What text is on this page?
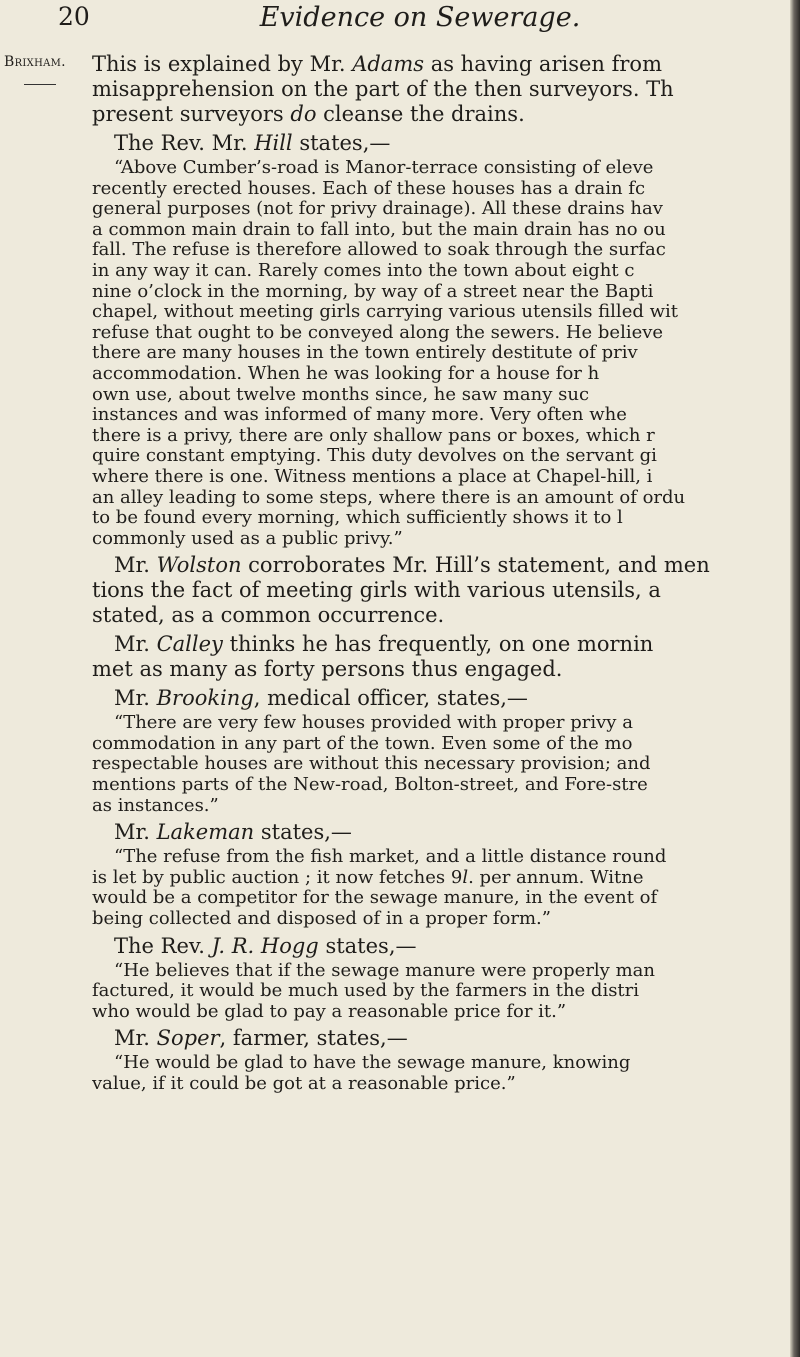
20	Evidence on Sewerage.
Brixham. This is explained by Mr. Adams as having arisen from
misapprehension on the part of the then surveyors. Th
present surveyors do cleanse the drains.
The Rev. Mr. Hill states,—
“Above Cumber’s-road is Manor-terrace consisting of eleve
recently erected houses. Each of these houses has a drain fc
general purposes (not for privy drainage). All these drains hav
a common main drain to fall into, but the main drain has no ou
fall. The refuse is therefore allowed to soak through the surfac
in any way it can. Rarely comes into the town about eight c
nine o’clock in the morning, by way of a street near the Bapti
chapel, without meeting girls carrying various utensils filled wit
refuse that ought to be conveyed along the sewers. He believe
there are many houses in the town entirely destitute of priv
accommodation. When he was looking for a house for h
own use, about twelve months since, he saw many suc
instances and was informed of many more. Very often whe
there is a privy, there are only shallow pans or boxes, which r
quire constant emptying. This duty devolves on the servant gi
where there is one. Witness mentions a place at Chapel-hill, i
an alley leading to some steps, where there is an amount of ordu
to be found every morning, which sufficiently shows it to l
commonly used as a public privy.”
Mr. Wolston corroborates Mr. Hill’s statement, and men
tions the fact of meeting girls with various utensils, a
stated, as a common occurrence.
Mr. Calley thinks he has frequently, on one mornin
met as many as forty persons thus engaged.
Mr. Brooking, medical officer, states,—
“There are very few houses provided with proper privy a
commodation in any part of the town. Even some of the mo
respectable houses are without this necessary provision; and
mentions parts of the New-road, Bolton-street, and Fore-stre
as instances.”
Mr. Lakeman states,—
“The refuse from the fish market, and a little distance round
is let by public auction ; it now fetches 9l. per annum. Witne
would be a competitor for the sewage manure, in the event of
being collected and disposed of in a proper form.”
The Rev. J. R. Hogg states,—
“He believes that if the sewage manure were properly man
factured, it would be much used by the farmers in the distri
who would be glad to pay a reasonable price for it.”
Mr. Soper, farmer, states,—
“He would be glad to have the sewage manure, knowing
value, if it could be got at a reasonable price.”
